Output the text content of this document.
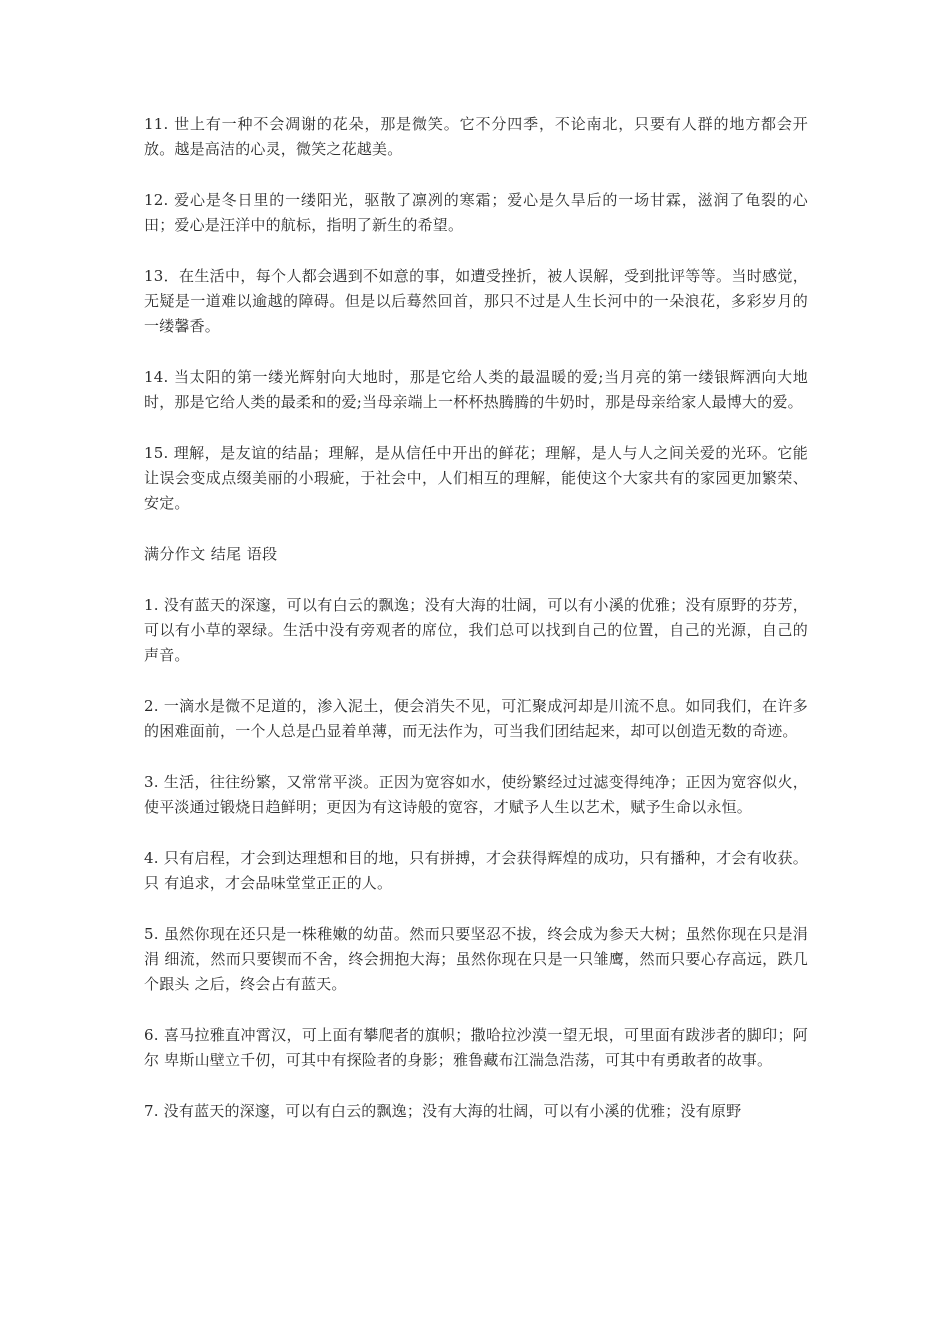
11. 世上有一种不会凋谢的花朵，那是微笑。它不分四季，不论南北，只要有人群的地方都会开放。越是高洁的心灵，微笑之花越美。

12. 爱心是冬日里的一缕阳光，驱散了凛冽的寒霜；爱心是久旱后的一场甘霖，滋润了龟裂的心田；爱心是汪洋中的航标，指明了新生的希望。

13．在生活中，每个人都会遇到不如意的事，如遭受挫折，被人误解，受到批评等等。当时感觉，无疑是一道难以逾越的障碍。但是以后蓦然回首，那只不过是人生长河中的一朵浪花，多彩岁月的一缕馨香。

14. 当太阳的第一缕光辉射向大地时，那是它给人类的最温暖的爱;当月亮的第一缕银辉洒向大地时，那是它给人类的最柔和的爱;当母亲端上一杯杯热腾腾的牛奶时，那是母亲给家人最博大的爱。

15. 理解，是友谊的结晶；理解，是从信任中开出的鲜花；理解，是人与人之间关爱的光环。它能让误会变成点缀美丽的小瑕疵，于社会中，人们相互的理解，能使这个大家共有的家园更加繁荣、安定。

满分作文 结尾 语段

1. 没有蓝天的深邃，可以有白云的飘逸；没有大海的壮阔，可以有小溪的优雅；没有原野的芬芳，可以有小草的翠绿。生活中没有旁观者的席位，我们总可以找到自己的位置，自己的光源，自己的声音。

2. 一滴水是微不足道的，渗入泥土，便会消失不见，可汇聚成河却是川流不息。如同我们，在许多的困难面前，一个人总是凸显着单薄，而无法作为，可当我们团结起来，却可以创造无数的奇迹。

3. 生活，往往纷繁，又常常平淡。正因为宽容如水，使纷繁经过过滤变得纯净；正因为宽容似火，使平淡通过锻烧日趋鲜明；更因为有这诗般的宽容，才赋予人生以艺术，赋予生命以永恒。

4. 只有启程，才会到达理想和目的地，只有拼搏，才会获得辉煌的成功，只有播种，才会有收获。只 有追求，才会品味堂堂正正的人。

5. 虽然你现在还只是一株稚嫩的幼苗。然而只要坚忍不拔，终会成为参天大树；虽然你现在只是涓涓 细流，然而只要锲而不舍，终会拥抱大海；虽然你现在只是一只雏鹰，然而只要心存高远，跌几个跟头 之后，终会占有蓝天。

6. 喜马拉雅直冲霄汉，可上面有攀爬者的旗帜；撒哈拉沙漠一望无垠，可里面有跋涉者的脚印；阿尔 卑斯山壁立千仞，可其中有探险者的身影；雅鲁藏布江湍急浩荡，可其中有勇敢者的故事。

7. 没有蓝天的深邃，可以有白云的飘逸；没有大海的壮阔，可以有小溪的优雅；没有原野
